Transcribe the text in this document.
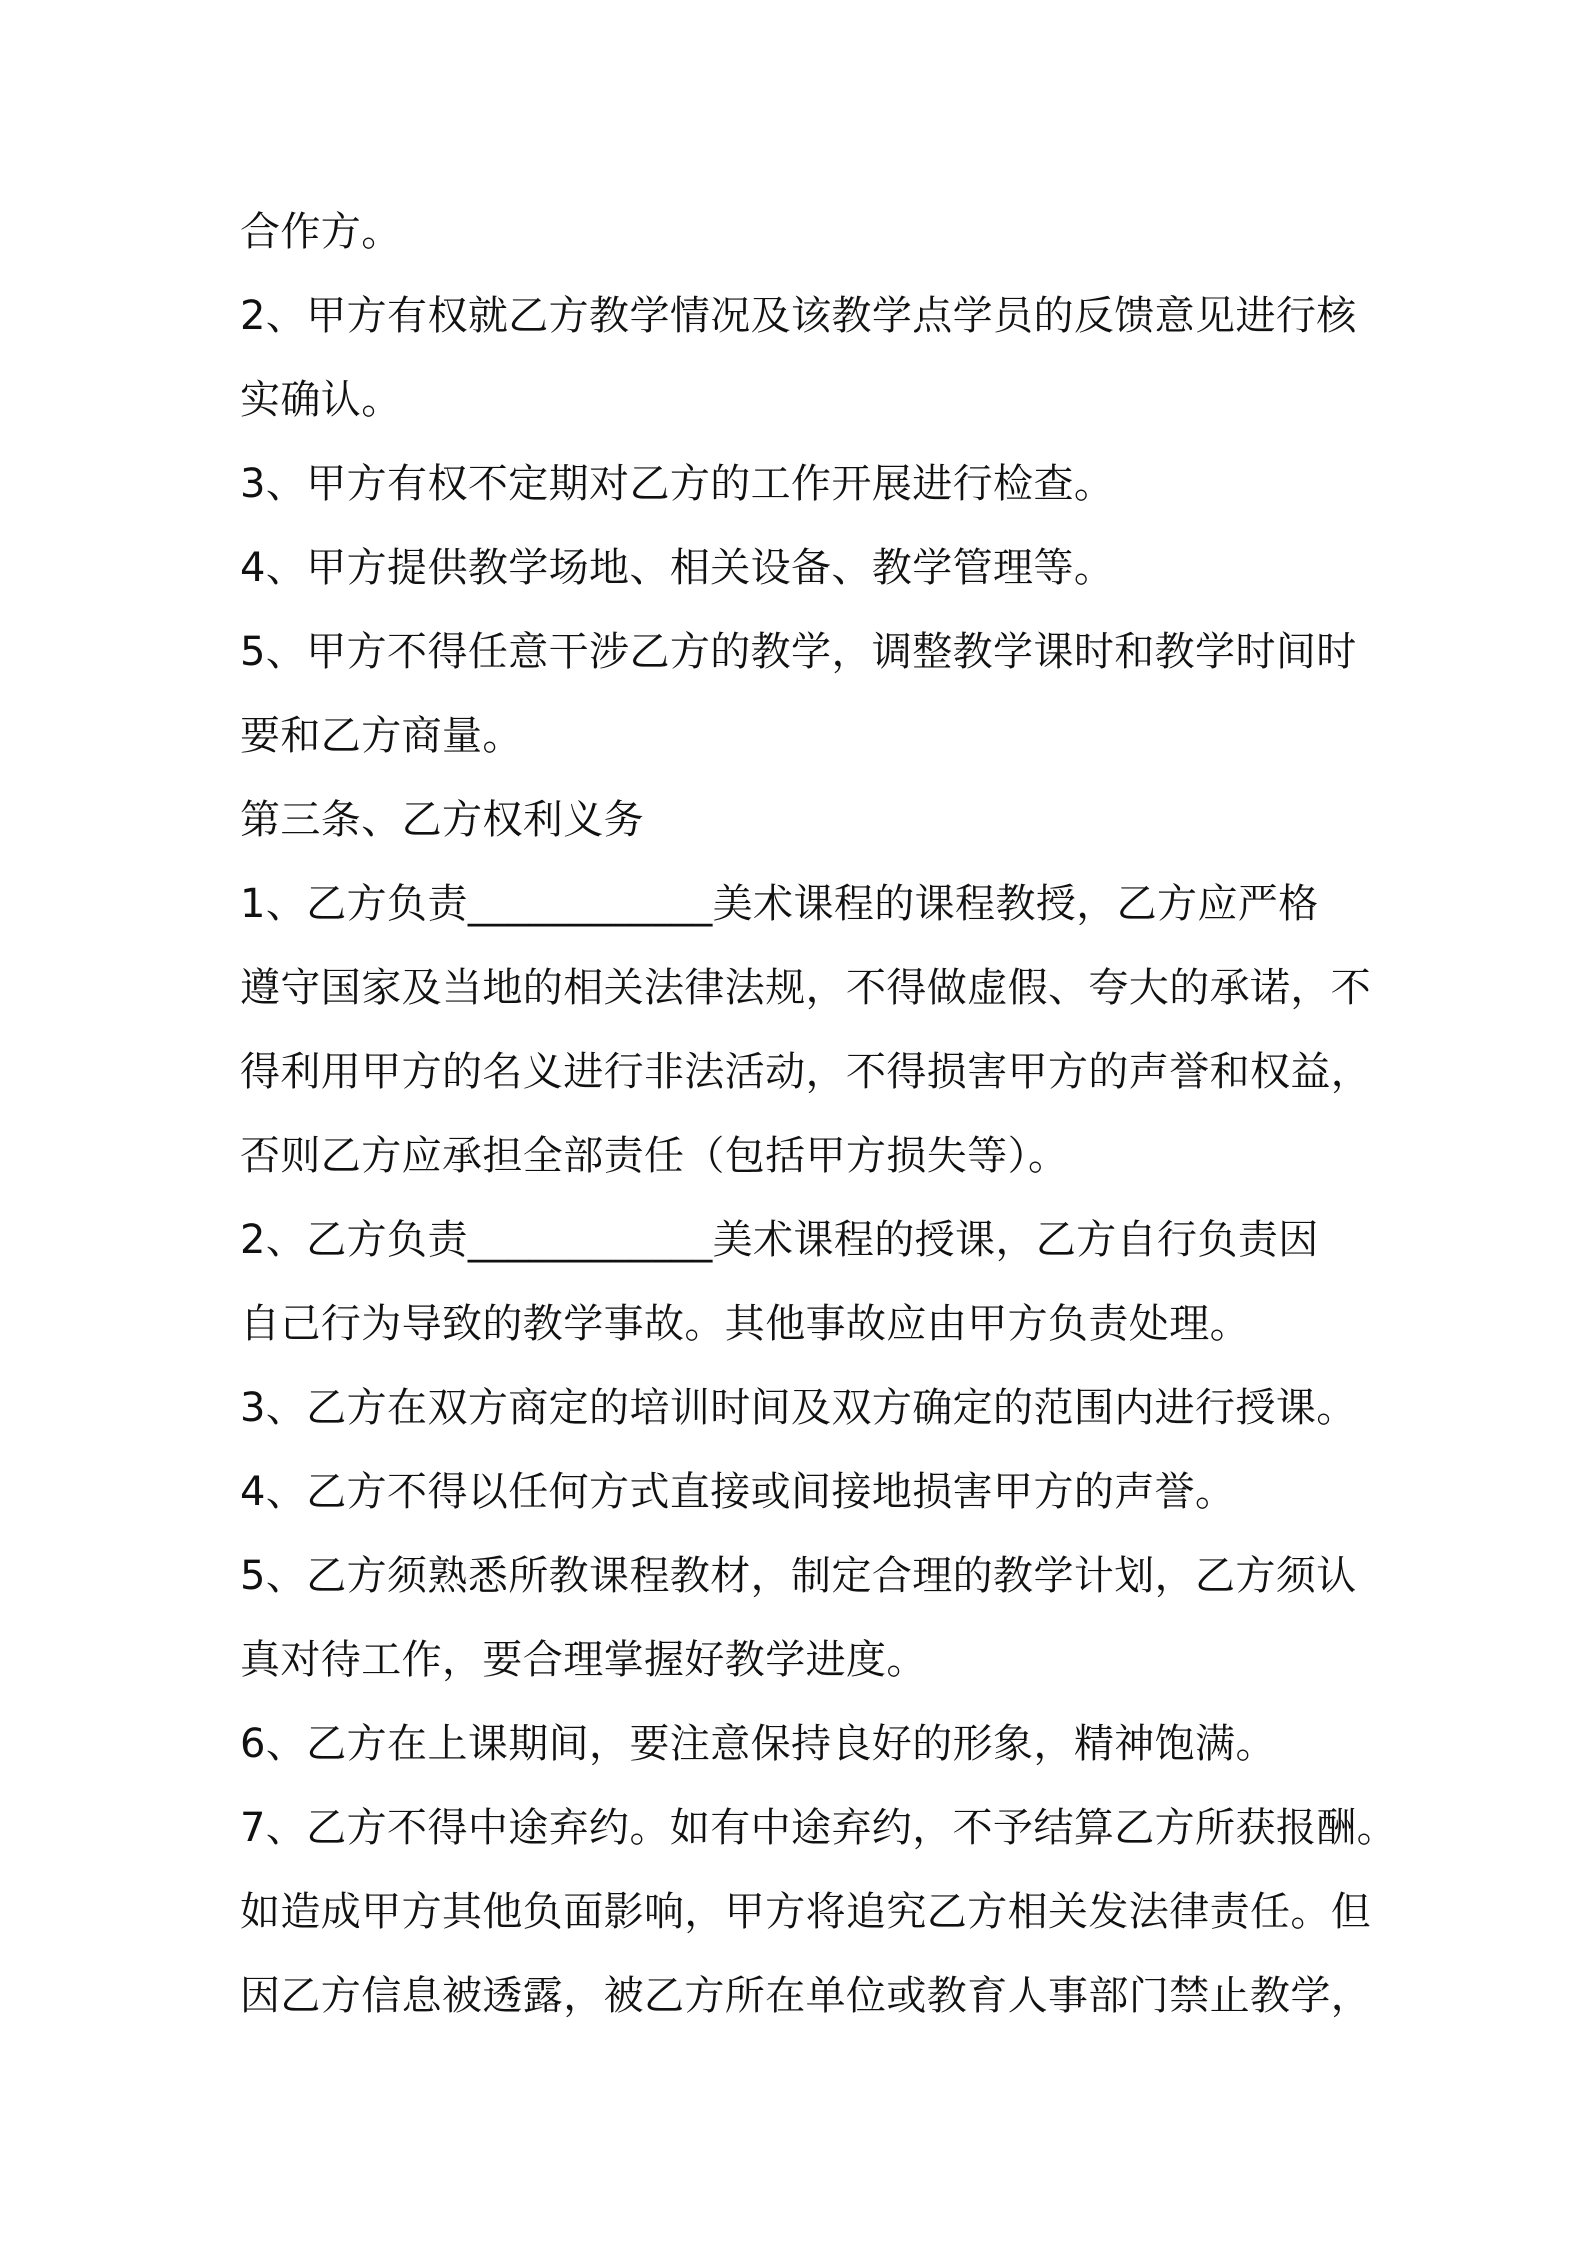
合作方。
2、甲方有权就乙方教学情况及该教学点学员的反馈意见进行核
实确认。
3、甲方有权不定期对乙方的工作开展进行检查。
4、甲方提供教学场地、相关设备、教学管理等。
5、甲方不得任意干涉乙方的教学，调整教学课时和教学时间时
要和乙方商量。
第三条、乙方权利义务
1、乙方负责____________美术课程的课程教授，乙方应严格
遵守国家及当地的相关法律法规，不得做虚假、夸大的承诺，不
得利用甲方的名义进行非法活动，不得损害甲方的声誉和权益，
否则乙方应承担全部责任（包括甲方损失等）。
2、乙方负责____________美术课程的授课，乙方自行负责因
自己行为导致的教学事故。其他事故应由甲方负责处理。
3、乙方在双方商定的培训时间及双方确定的范围内进行授课。
4、乙方不得以任何方式直接或间接地损害甲方的声誉。
5、乙方须熟悉所教课程教材，制定合理的教学计划，乙方须认
真对待工作，要合理掌握好教学进度。
6、乙方在上课期间，要注意保持良好的形象，精神饱满。
7、乙方不得中途弃约。如有中途弃约，不予结算乙方所获报酬。
如造成甲方其他负面影响，甲方将追究乙方相关发法律责任。但
因乙方信息被透露，被乙方所在单位或教育人事部门禁止教学，
